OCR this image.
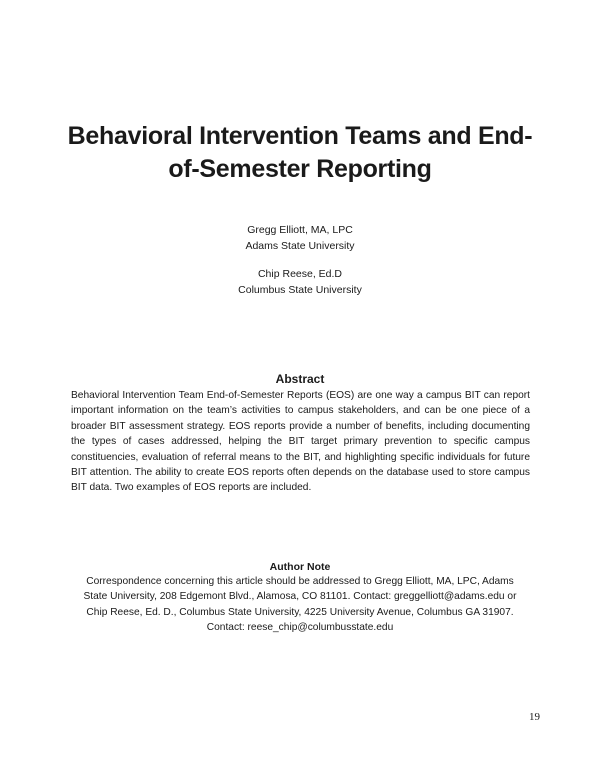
Behavioral Intervention Teams and End-of-Semester Reporting
Gregg Elliott, MA, LPC
Adams State University
Chip Reese, Ed.D
Columbus State University
Abstract
Behavioral Intervention Team End-of-Semester Reports (EOS) are one way a campus BIT can report important information on the team’s activities to campus stakeholders, and can be one piece of a broader BIT assessment strategy. EOS reports provide a number of benefits, including documenting the types of cases addressed, helping the BIT target primary prevention to specific campus constituencies, evaluation of referral means to the BIT, and highlighting specific individuals for future BIT attention. The ability to create EOS reports often depends on the database used to store campus BIT data. Two examples of EOS reports are included.
Author Note
Correspondence concerning this article should be addressed to Gregg Elliott, MA, LPC, Adams
State University, 208 Edgemont Blvd., Alamosa, CO 81101. Contact: greggelliott@adams.edu or
Chip Reese, Ed. D., Columbus State University, 4225 University Avenue, Columbus GA 31907.
Contact: reese_chip@columbusstate.edu
19
